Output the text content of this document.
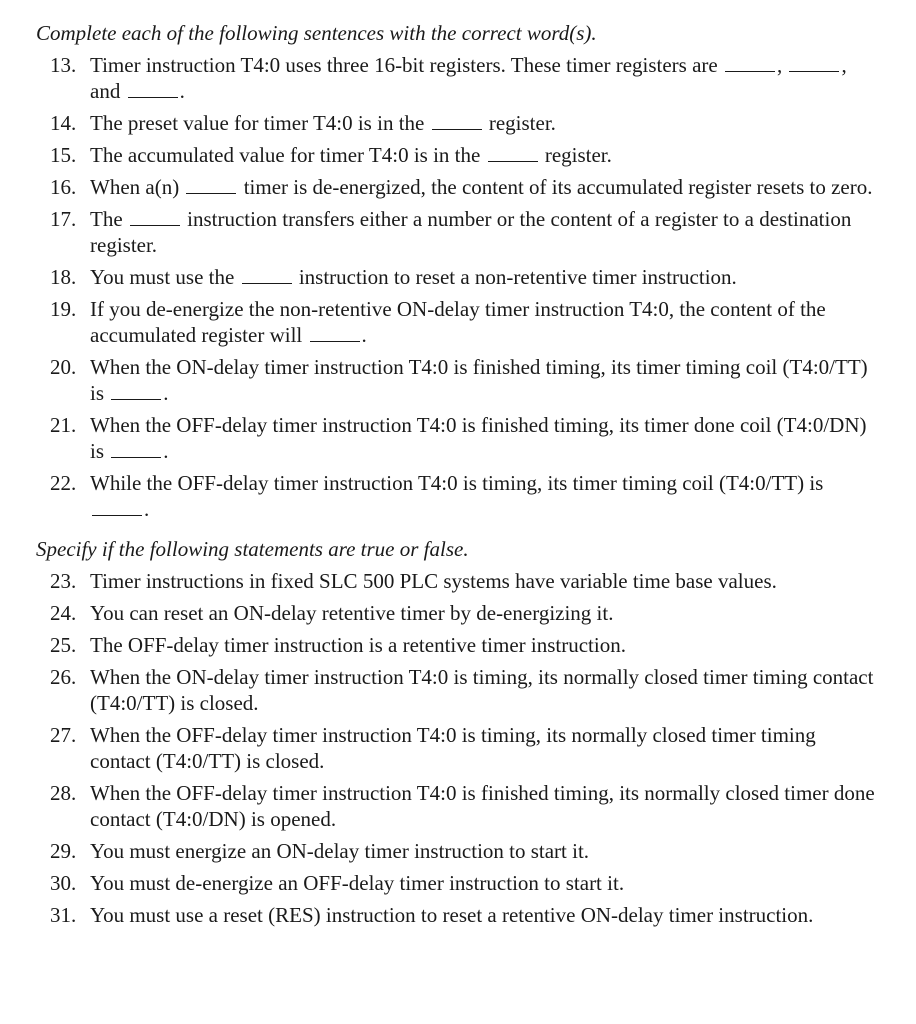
Complete each of the following sentences with the correct word(s).
13. Timer instruction T4:0 uses three 16-bit registers. These timer registers are	,	, and	.
14. The preset value for timer T4:0 is in the	register.
15. The accumulated value for timer T4:0 is in the	register.
16. When a(n)	timer is de-energized, the content of its accumulated register resets to zero.
17. The	instruction transfers either a number or the content of a register to a destination register.
18. You must use the	instruction to reset a non-retentive timer instruction.
19. If you de-energize the non-retentive ON-delay timer instruction T4:0, the content of the accumulated register will	.
20. When the ON-delay timer instruction T4:0 is finished timing, its timer timing coil (T4:0/TT) is	.
21. When the OFF-delay timer instruction T4:0 is finished timing, its timer done coil (T4:0/DN) is	.
22. While the OFF-delay timer instruction T4:0 is timing, its timer timing coil (T4:0/TT) is .
Specify if the following statements are true or false.
23. Timer instructions in fixed SLC 500 PLC systems have variable time base values.
24. You can reset an ON-delay retentive timer by de-energizing it.
25. The OFF-delay timer instruction is a retentive timer instruction.
26. When the ON-delay timer instruction T4:0 is timing, its normally closed timer timing contact (T4:0/TT) is closed.
27. When the OFF-delay timer instruction T4:0 is timing, its normally closed timer timing contact (T4:0/TT) is closed.
28. When the OFF-delay timer instruction T4:0 is finished timing, its normally closed timer done contact (T4:0/DN) is opened.
29. You must energize an ON-delay timer instruction to start it.
30. You must de-energize an OFF-delay timer instruction to start it.
31. You must use a reset (RES) instruction to reset a retentive ON-delay timer instruction.
